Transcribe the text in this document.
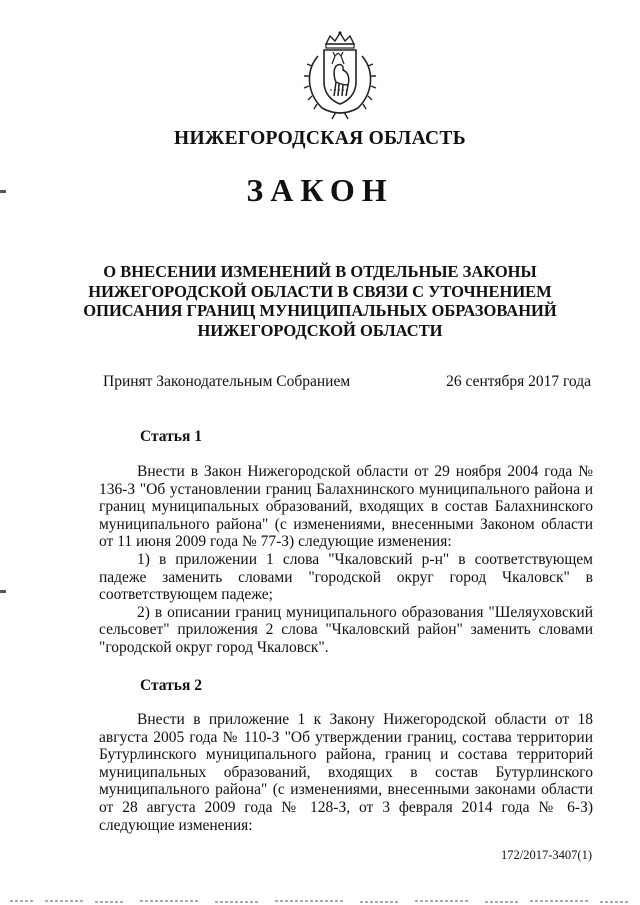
НИЖЕГОРОДСКАЯ ОБЛАСТЬ
ЗАКОН
О ВНЕСЕНИИ ИЗМЕНЕНИЙ В ОТДЕЛЬНЫЕ ЗАКОНЫ
НИЖЕГОРОДСКОЙ ОБЛАСТИ В СВЯЗИ С УТОЧНЕНИЕМ
ОПИСАНИЯ ГРАНИЦ МУНИЦИПАЛЬНЫХ ОБРАЗОВАНИЙ
НИЖЕГОРОДСКОЙ ОБЛАСТИ
Принят Законодательным Собранием	26 сентября 2017 года
Статья 1

Внести в Закон Нижегородской области от 29 ноября 2004 года № 136-З "Об установлении границ Балахнинского муниципального района и границ муниципальных образований, входящих в состав Балахнинского муниципального района" (с изменениями, внесенными Законом области от 11 июня 2009 года № 77-З) следующие изменения:

1) в приложении 1 слова "Чкаловский р-н" в соответствующем падеже заменить словами "городской округ город Чкаловск" в соответствующем падеже;

2) в описании границ муниципального образования "Шеляуховский сельсовет" приложения 2 слова "Чкаловский район" заменить словами "городской округ город Чкаловск".

Статья 2

Внести в приложение 1 к Закону Нижегородской области от 18 августа 2005 года № 110-З "Об утверждении границ, состава территории Бутурлинского муниципального района, границ и состава территорий муниципальных образований, входящих в состав Бутурлинского муниципального района" (с изменениями, внесенными законами области от 28 августа 2009 года № 128-З, от 3 февраля 2014 года № 6-З) следующие изменения:

172/2017-3407(1)
